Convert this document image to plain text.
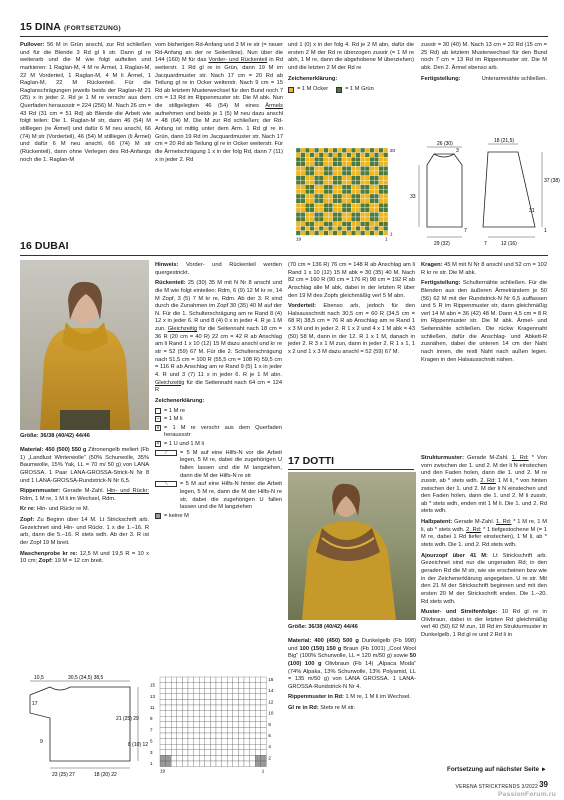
15 DINA (FORTSETZUNG)

Pullover: 56 M in Grün anschl, zur Rd schließen und für die Blende 3 Rd gl li str. Dann gl re weiterarb und die M wie folgt aufteilen und markieren: 1 Raglan-M, 4 M re Ärmel, 1 Raglan-M, 22 M Vorderteil, 1 Raglan-M, 4 M li Ärmel, 1 Raglan-M, 22 M Rückenteil. Für die Raglanschrägungen jeweils beids der Raglan-M 21 (25) x in jeder 2. Rd je 1 M re verschr aus dem Querfaden heraussstr = 224 (256) M. Nach 26 cm = 43 Rd (31 cm = 51 Rd) ab Blende die Arbeit wie folgt teilen: Die 1. Raglan-M str, dann 46 (54) M stilllegen (re Ärmel) und dafür 6 M neu anschl, 66 (74) M str (Vorderteil), 46 (54) M stilllegen (li Ärmel) und dafür 6 M neu anschl, 66 (74) M str (Rückenteil), dann ohne Verlegen des Rd-Anfangs noch die 1. Raglan-M

vom bisherigen Rd-Anfang und 3 M re str (= neuer Rd-Anfang an der re Seitenlinie). Nun über die 144 (160) M für das Vorder- und Rückenteil in Rd weiterstr. 1 Rd gl re in Grün, dann 19 M im Jacquardmuster str. Nach 17 cm = 20 Rd ab Teilung gl re in Ocker weiterstr. Nach 9 cm = 15 Rd ab letztem Musterwechsel für den Bund noch 7 cm = 13 Rd im Rippenmuster str. Die M abk. Nun die stillgelegten 46 (54) M eines Ärmels aufnehmen und beids je 1 (5) M neu dazu anschl = 48 (64) M. Die M zur Rd schließen; der Rd-Anfang ist mittig unter dem Arm. 1 Rd gl re in Grün, dann 19 Rd im Jacquardmuster str. Nach 17 cm = 20 Rd ab Teilung gl re in Ocker weiterstr. Für die Ärmelschrägung 1 x in der folg Rd, dann 7 (11) x in jeder 2. Rd

und 1 (0) x in der folg 4. Rd je 2 M abn, dafür die ersten 2 M der Rd re überzogen zusstr (= 1 M re abh, 1 M re, dann die abgehobene M überziehen) und die letzten 2 M der Rd re

Zeichenerklärung:
= 1 M Ocker	= 1 M Grün
19	1
20
1

zusstr = 30 (40) M. Nach 13 cm = 22 Rd (15 cm = 25 Rd) ab letztem Musterwechsel für den Bund noch 7 cm = 13 Rd im Rippenmuster str. Die M abk. Den 2. Ärmel ebenso arb.

Fertigstellung:	Unterarmnähte schließen.

26 (30)
3
18 (21,5)
33
7
37 (38)
31
29 (32)	7	12 (16)
1
16 DUBAI
Größe: 36/38 (40/42) 44/46

Material: 450 (500) 550 g Zitronengelb meliert (Fb 1) „Landlust Winterwolle“ (50% Schurwolle, 35% Baumwolle, 15% Yak, LL = 70 m/ 50 g) von LANA GROSSA. 1 Paar LANA-GROSSA-Strick-N Nr 8 und 1 LANA-GROSSA-Rundstrick-N Nr 6,5.

Rippenmuster: Gerade M-Zahl. Hin- und Rückr: Rdm, 1 M re, 1 M li im Wechsel, Rdm.

Kr re: Hin- und Rückr re M.

Zopf: Zu Beginn über 14 M. Lt Strickschrift arb. Gezeichnet sind Hin- und Rückr. 1 x die 1.–16. R arb, dann die 5.–16. R stets wdh. Ab der 3. R ist der Zopf 19 M breit.

Maschenprobe kr re: 12,5 M und 19,5 R = 10 x 10 cm; Zopf: 19 M = 12 cm breit.

10,5	30,5 (34,5) 38,5
17
21 (25) 29
8 (10) 12
9
23 (25) 27	18 (20) 22

Hinweis: Vorder- und Rückenteil werden quergestrickt.

Rückenteil: 25 (30) 35 M mit N Nr 8 anschl und die M wie folgt einteilen: Rdm, 6 (9) 12 M kr re, 14 M Zopf, 3 (5) 7 M kr re, Rdm. Ab der 3. R sind durch die Zunahmen im Zopf 30 (35) 40 M auf der N. Für die 1. Schulterschrägung am re Rand 8 (4) 12 x in jeder 6. R und 8 (4) 0 x in jeder 4. R je 1 M zun. Gleichzeitig für die Seitennaht nach 18 cm = 36 R (20 cm = 40 R) 22 cm = 42 R ab Anschlag am li Rand 1 x 10 (12) 15 M dazu anschl und kr re str = 52 (59) 67 M. Für die 2. Schulterschrägung nach 51,5 cm = 100 R (55,5 cm = 108 R) 59,5 cm = 116 R ab Anschlag am re Rand 9 (5) 1 x in jeder 4. R und 3 (7) 11 x in jeder 6. R je 1 M abn. Gleichzeitig für die Seitennaht nach 64 cm = 124 R

Zeichenerklärung:
= 1 M re
– = 1 M li
v = 1 M re verschr aus dem Querfaden heraussstr
× = 1 U und 1 M li
⟋	= 5 M auf eine Hilfs-N vor die Arbeit legen, 5 M re, dabei die zugehörigen U fallen lassen und die M langziehen, dann die M der Hilfs-N re str
⟍	= 5 M auf eine Hilfs-N hinter die Arbeit legen, 5 M re, dann die M der Hilfs-N re str, dabei die zugehörigen U fallen lassen und die M langziehen
= keine M
16
14
12
10
8
6
4
2
15
13
11
9
7
5
3
1
19	1

(70 cm = 136 R) 76 cm = 148 R ab Anschlag am li Rand 1 x 10 (12) 15 M abk = 30 (35) 40 M. Nach 82 cm = 160 R (90 cm = 176 R) 98 cm = 192 R ab Anschlag alle M abk, dabei in der letzten R über den 19 M des Zopfs gleichmäßig verl 5 M abn.

Vorderteil: Ebenso arb, jedoch für den Halsausschnitt nach 30,5 cm = 60 R (34,5 cm = 68 R) 38,5 cm = 76 R ab Anschlag am re Rand 1 x 3 M und in jeder 2. R 1 x 2 und 4 x 1 M abk = 43 (50) 58 M, dann in der 12. R 1 x 1 M, danach in jeder 2. R 3 x 1 M zun, dann in jeder 2. R 1 x 1, 1 x 2 und 1 x 3 M dazu anschl = 52 (59) 67 M.

Kragen: 45 M mit N Nr 8 anschl und 52 cm = 102 R kr re str. Die M abk.

Fertigstellung: Schulternähte schließen. Für die Blenden aus den äußeren Ärmelrändern je 50 (56) 62 M mit der Rundstrick-N Nr 6,5 auffassen und 5 R im Rippenmuster str, dann gleichmäßig verl 14 M abn = 36 (42) 48 M. Dann 4,5 cm = 8 R im Rippenmuster str. Die M abk. Ärmel- und Seitennähte schließen. Die rückw Kragennaht schließen, dafür die Anschlag- und Abkett-R zusnähen, dabei die unteren 14 cm der Naht nach innen, die restl Naht nach außen legen. Kragen in den Halsausschnitt nähen.

17 DOTTI
Größe: 36/38 (40/42) 44/46

Material: 400 (450) 500 g Dunkelgelb (Fb 998) und 100 (150) 150 g Braun (Fb 1001) „Cool Wool Big“ (100% Schurwolle, LL = 120 m/50 g) sowie 50 (100) 100 g Olivbraun (Fb 14) „Alpaca Moda“ (74% Alpaka, 13% Schurwolle, 13% Polyamid, LL = 135 m/50 g) von LANA GROSSA. 1 LANA-GROSSA-Rundstrick-N Nr 4.

Rippenmuster in Rd: 1 M re, 1 M li im Wechsel.

Gl re in Rd: Stets re M str.

Strukturmuster: Gerade M-Zahl. 1. Rd: * Von vorn zwischen der 1. und 2. M der li N einstechen und den Faden holen, dann die 1. und 2. M re zusstr, ab * stets wdh. 2. Rd: 1 M li, * von hinten zwischen der 1. und 2. M der li N einstechen und den Faden holen, dann die 1. und 2. M li zusstr, ab * stets wdh, enden mit 1 M li. Die 1. und 2. Rd stets wdh.

Halbpatent: Gerade M-Zahl. 1. Rd: * 1 M re, 1 M li, ab * stets wdh. 2. Rd: * 1 tiefgestochene M (= 1 M re, dabei 1 Rd tiefer einstechen), 1 M li, ab * stets wdh. Die 1. und 2. Rd stets wdh.

Ajourzopf über 41 M: Lt Strickschrift arb. Gezeichnet sind nur die ungeraden Rd; in den geraden Rd die M str, wie sie erscheinen bzw wie in der Zeichenerklärung angegeben. U re str. Mit den 21 M der Strickschrift beginnen und mit den ersten 20 M der Strickschrift enden. Die 1.–20. Rd stets wdh.

Muster- und Streifenfolge: 10 Rd gl re in Olivbraun, dabei in der letzten Rd gleichmäßig verl 40 (50) 62 M zun, 18 Rd im Strukturmuster in Dunkelgelb, 1 Rd gl re und 2 Rd li in

Fortsetzung auf nächster Seite ►
VERENA STRICKTRENDS 3/2022 39
PassionForum.ru
